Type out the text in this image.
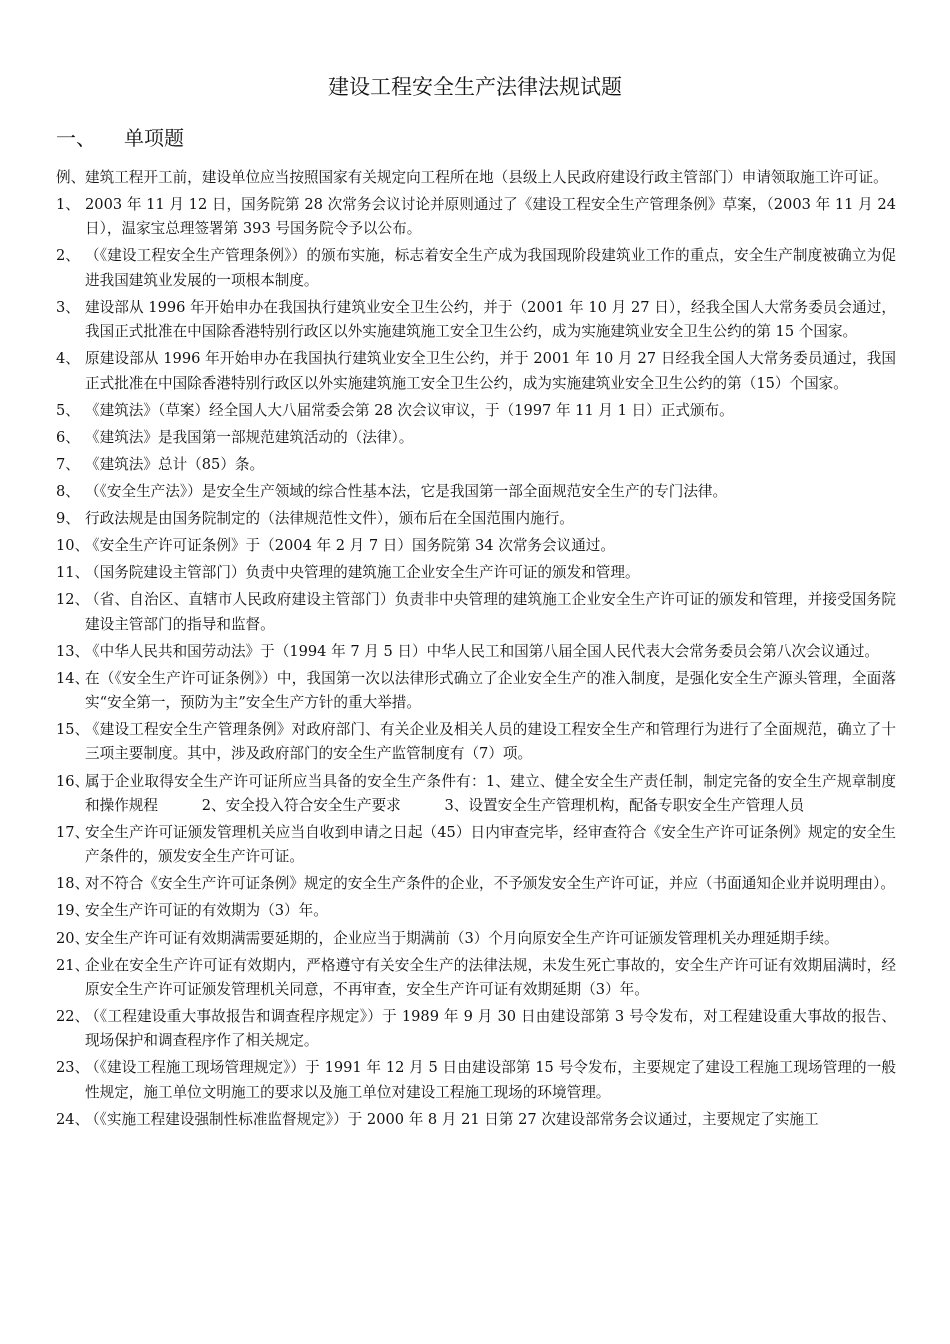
建设工程安全生产法律法规试题
一、	单项题
例、 建筑工程开工前，建设单位应当按照国家有关规定向工程所在地（县级上人民政府建设行政主管部门）申请领取施工许可证。
1、 2003 年 11 月 12 日，国务院第 28 次常务会议讨论并原则通过了《建设工程安全生产管理条例》草案，（2003 年 11 月 24 日），温家宝总理签署第 393 号国务院令予以公布。
2、 （《建设工程安全生产管理条例》）的颁布实施，标志着安全生产成为我国现阶段建筑业工作的重点，安全生产制度被确立为促进我国建筑业发展的一项根本制度。
3、 建设部从 1996 年开始申办在我国执行建筑业安全卫生公约，并于（2001 年 10 月 27 日），经我全国人大常务委员会通过，我国正式批准在中国除香港特别行政区以外实施建筑施工安全卫生公约，成为实施建筑业安全卫生公约的第 15 个国家。
4、 原建设部从 1996 年开始申办在我国执行建筑业安全卫生公约，并于 2001 年 10 月 27 日经我全国人大常务委员通过，我国正式批准在中国除香港特别行政区以外实施建筑施工安全卫生公约，成为实施建筑业安全卫生公约的第（15）个国家。
5、 《建筑法》（草案）经全国人大八届常委会第 28 次会议审议，于（1997 年 11 月 1 日）正式颁布。
6、 《建筑法》是我国第一部规范建筑活动的（法律）。
7、 《建筑法》总计（85）条。
8、 （《安全生产法》）是安全生产领域的综合性基本法，它是我国第一部全面规范安全生产的专门法律。
9、 行政法规是由国务院制定的（法律规范性文件），颁布后在全国范围内施行。
10、
《安全生产许可证条例》于（2004 年 2 月 7 日）国务院第 34 次常务会议通过。
11、
（国务院建设主管部门）负责中央管理的建筑施工企业安全生产许可证的颁发和管理。
12、
（省、自治区、直辖市人民政府建设主管部门）负责非中央管理的建筑施工企业安全生产许可证的颁发和管理，并接受国务院建设主管部门的指导和监督。
13、
《中华人民共和国劳动法》于（1994 年 7 月 5 日）中华人民工和国第八届全国人民代表大会常务委员会第八次会议通过。
14、
在（《安全生产许可证条例》）中，我国第一次以法律形式确立了企业安全生产的准入制度，是强化安全生产源头管理，全面落实“安全第一，预防为主”安全生产方针的重大举措。
15、
《建设工程安全生产管理条例》对政府部门、有关企业及相关人员的建设工程安全生产和管理行为进行了全面规范，确立了十三项主要制度。其中，涉及政府部门的安全生产监管制度有（7）项。
16、
属于企业取得安全生产许可证所应当具备的安全生产条件有：1、建立、健全安全生产责任制，制定完备的安全生产规章制度和操作规程　　　2、安全投入符合安全生产要求　　　3、设置安全生产管理机构，配备专职安全生产管理人员
17、
安全生产许可证颁发管理机关应当自收到申请之日起（45）日内审查完毕，经审查符合《安全生产许可证条例》规定的安全生产条件的，颁发安全生产许可证。
18、
对不符合《安全生产许可证条例》规定的安全生产条件的企业，不予颁发安全生产许可证，并应（书面通知企业并说明理由）。
19、
安全生产许可证的有效期为（3）年。
20、
安全生产许可证有效期满需要延期的，企业应当于期满前（3）个月向原安全生产许可证颁发管理机关办理延期手续。
21、
企业在安全生产许可证有效期内，严格遵守有关安全生产的法律法规，未发生死亡事故的，安全生产许可证有效期届满时，经原安全生产许可证颁发管理机关同意，不再审查，安全生产许可证有效期延期（3）年。
22、
（《工程建设重大事故报告和调查程序规定》）于 1989 年 9 月 30 日由建设部第 3 号令发布，对工程建设重大事故的报告、现场保护和调查程序作了相关规定。
23、
（《建设工程施工现场管理规定》）于 1991 年 12 月 5 日由建设部第 15 号令发布，主要规定了建设工程施工现场管理的一般性规定，施工单位文明施工的要求以及施工单位对建设工程施工现场的环境管理。
24、
（《实施工程建设强制性标准监督规定》）于 2000 年 8 月 21 日第 27 次建设部常务会议通过，主要规定了实施工
